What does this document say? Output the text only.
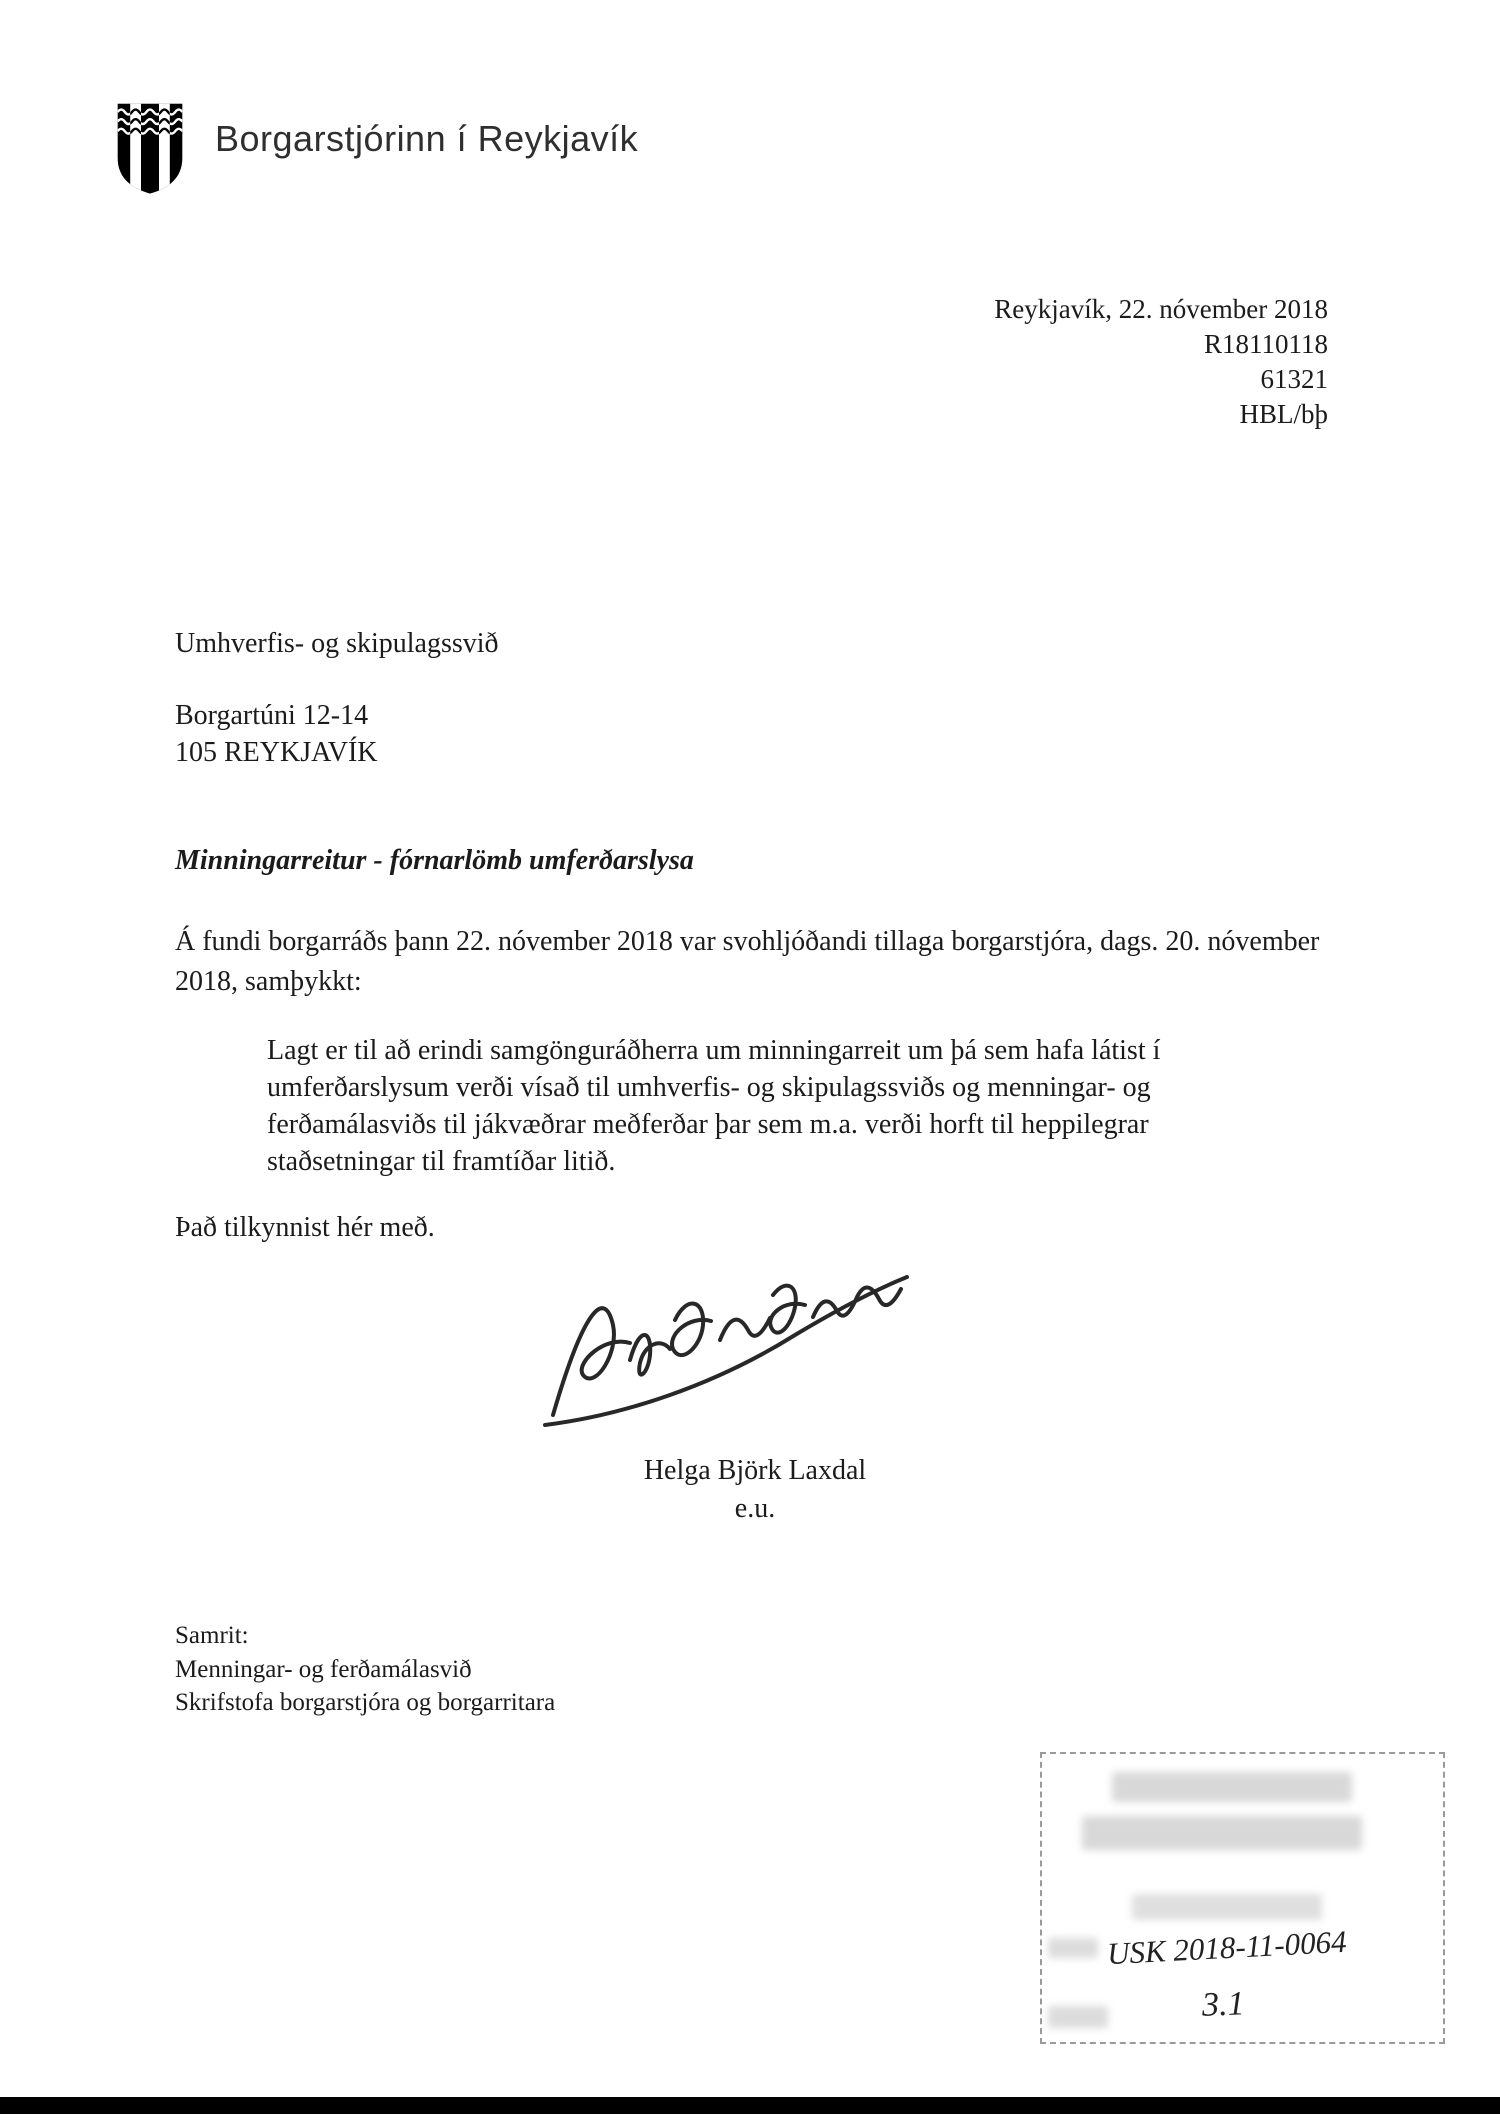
Borgarstjórinn í Reykjavík
Reykjavík, 22. nóvember 2018
R18110118
61321
HBL/bþ
Umhverfis- og skipulagssvið
Borgartúni 12-14
105 REYKJAVÍK
Minningarreitur - fórnarlömb umferðarslysa
Á fundi borgarráðs þann 22. nóvember 2018 var svohljóðandi tillaga borgarstjóra, dags. 20. nóvember 2018, samþykkt:
Lagt er til að erindi samgönguráðherra um minningarreit um þá sem hafa látist í umferðarslysum verði vísað til umhverfis- og skipulagssviðs og menningar- og ferðamálasviðs til jákvæðrar meðferðar þar sem m.a. verði horft til heppilegrar staðsetningar til framtíðar litið.
Það tilkynnist hér með.
Helga Björk Laxdal
e.u.
Samrit:
Menningar- og ferðamálasvið
Skrifstofa borgarstjóra og borgarritara
USK 2018-11-0064
3.1
